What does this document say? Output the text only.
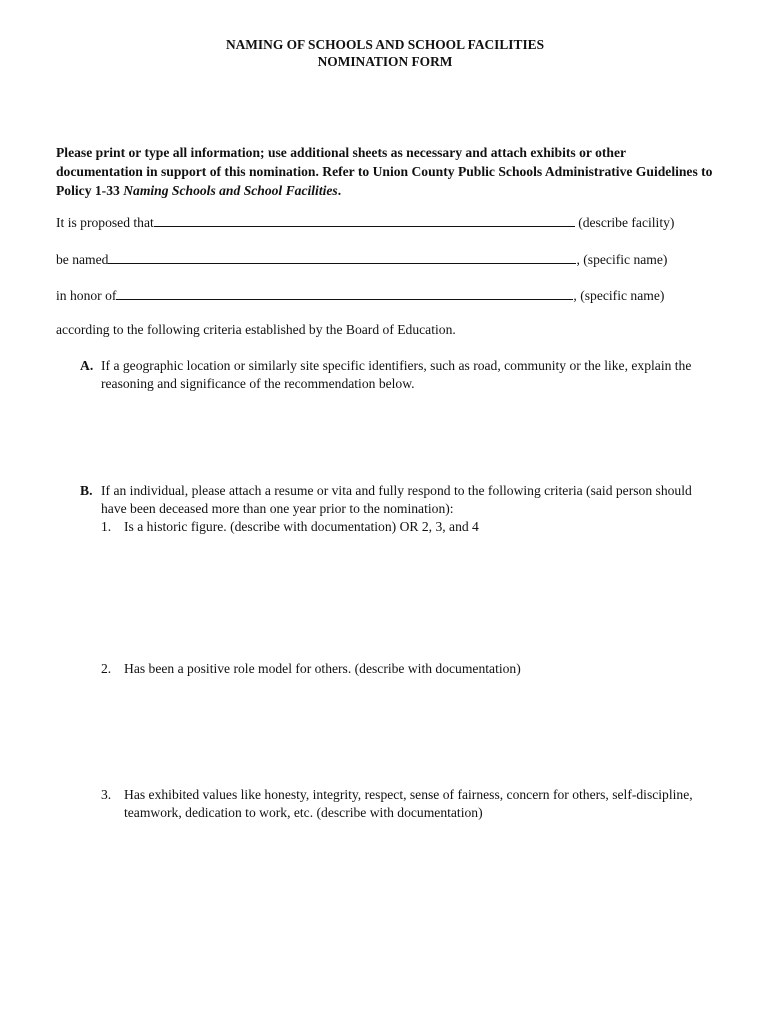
NAMING OF SCHOOLS AND SCHOOL FACILITIES
NOMINATION FORM
Please print or type all information; use additional sheets as necessary and attach exhibits or other documentation in support of this nomination. Refer to Union County Public Schools Administrative Guidelines to Policy 1-33 Naming Schools and School Facilities.
It is proposed that	(describe facility)
be named	, (specific name)
in honor of	, (specific name)
according to the following criteria established by the Board of Education.
A. If a geographic location or similarly site specific identifiers, such as road, community or the like, explain the reasoning and significance of the recommendation below.
B. If an individual, please attach a resume or vita and fully respond to the following criteria (said person should have been deceased more than one year prior to the nomination):
1. Is a historic figure. (describe with documentation) OR 2, 3, and 4
2. Has been a positive role model for others. (describe with documentation)
3. Has exhibited values like honesty, integrity, respect, sense of fairness, concern for others, self-discipline, teamwork, dedication to work, etc. (describe with documentation)
